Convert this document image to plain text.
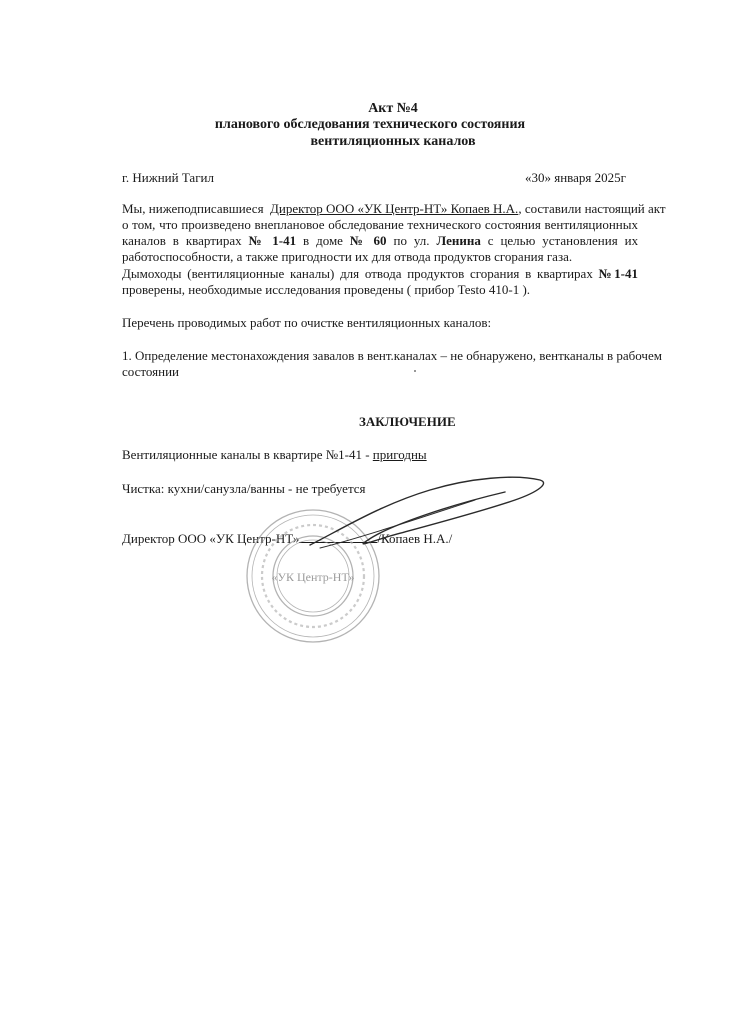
Акт №4
планового обследования технического состояния
вентиляционных каналов
г. Нижний Тагил	«30» января 2025г
Мы, нижеподписавшиеся Директор ООО «УК Центр-НТ» Копаев Н.А., составили настоящий акт
о том, что произведено внеплановое обследование технического состояния вентиляционных
каналов в квартирах № 1-41 в доме № 60 по ул. Ленина с целью установления их
работоспособности, а также пригодности их для отвода продуктов сгорания газа.
Дымоходы (вентиляционные каналы) для отвода продуктов сгорания в квартирах №1-41
проверены, необходимые исследования проведены ( прибор Testo 410-1 ).
Перечень проводимых работ по очистке вентиляционных каналов:
1. Определение местонахождения завалов в вент.каналах – не обнаружено, вентканалы в рабочем
состоянии
ЗАКЛЮЧЕНИЕ
Вентиляционные каналы в квартире №1-41 - пригодны
Чистка: кухни/санузла/ванны - не требуется
Директор ООО «УК Центр-НТ»	/Копаев Н.А./
«УК Центр-НТ»
